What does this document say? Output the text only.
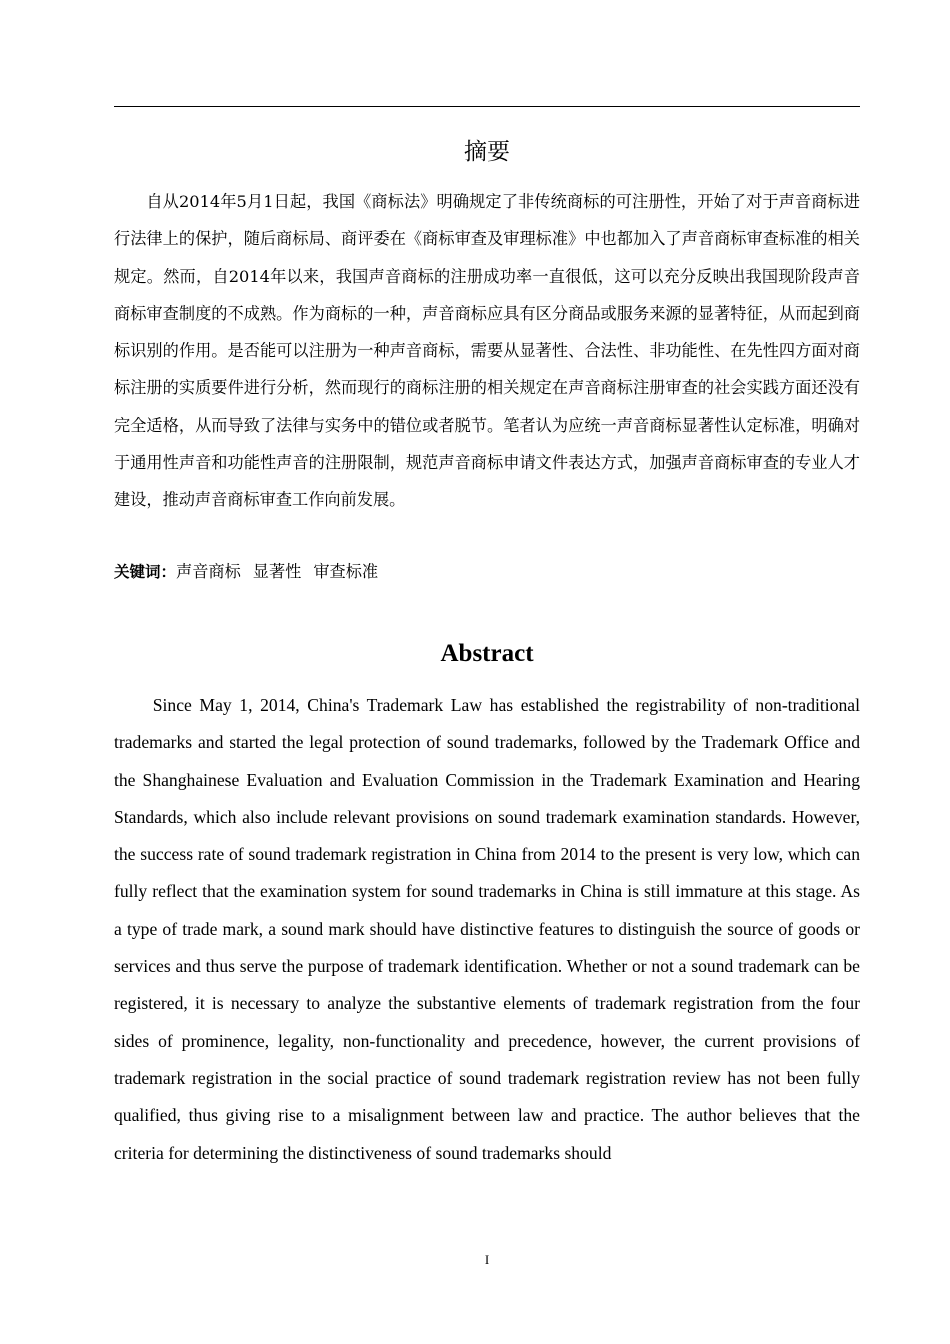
摘要

自从2014年5月1日起，我国《商标法》明确规定了非传统商标的可注册性，开始了对于声音商标进行法律上的保护，随后商标局、商评委在《商标审查及审理标准》中也都加入了声音商标审查标准的相关规定。然而，自2014年以来，我国声音商标的注册成功率一直很低，这可以充分反映出我国现阶段声音商标审查制度的不成熟。作为商标的一种，声音商标应具有区分商品或服务来源的显著特征，从而起到商标识别的作用。是否能可以注册为一种声音商标，需要从显著性、合法性、非功能性、在先性四方面对商标注册的实质要件进行分析，然而现行的商标注册的相关规定在声音商标注册审查的社会实践方面还没有完全适格，从而导致了法律与实务中的错位或者脱节。笔者认为应统一声音商标显著性认定标准，明确对于通用性声音和功能性声音的注册限制，规范声音商标申请文件表达方式，加强声音商标审查的专业人才建设，推动声音商标审查工作向前发展。

关键词：声音商标 显著性 审查标准
Abstract

Since May 1, 2014, China's Trademark Law has established the registrability of non-traditional trademarks and started the legal protection of sound trademarks, followed by the Trademark Office and the Shanghainese Evaluation and Evaluation Commission in the Trademark Examination and Hearing Standards, which also include relevant provisions on sound trademark examination standards. However, the success rate of sound trademark registration in China from 2014 to the present is very low, which can fully reflect that the examination system for sound trademarks in China is still immature at this stage. As a type of trade mark, a sound mark should have distinctive features to distinguish the source of goods or services and thus serve the purpose of trademark identification. Whether or not a sound trademark can be registered, it is necessary to analyze the substantive elements of trademark registration from the four sides of prominence, legality, non-functionality and precedence, however, the current provisions of trademark registration in the social practice of sound trademark registration review has not been fully qualified, thus giving rise to a misalignment between law and practice. The author believes that the criteria for determining the distinctiveness of sound trademarks should

I
